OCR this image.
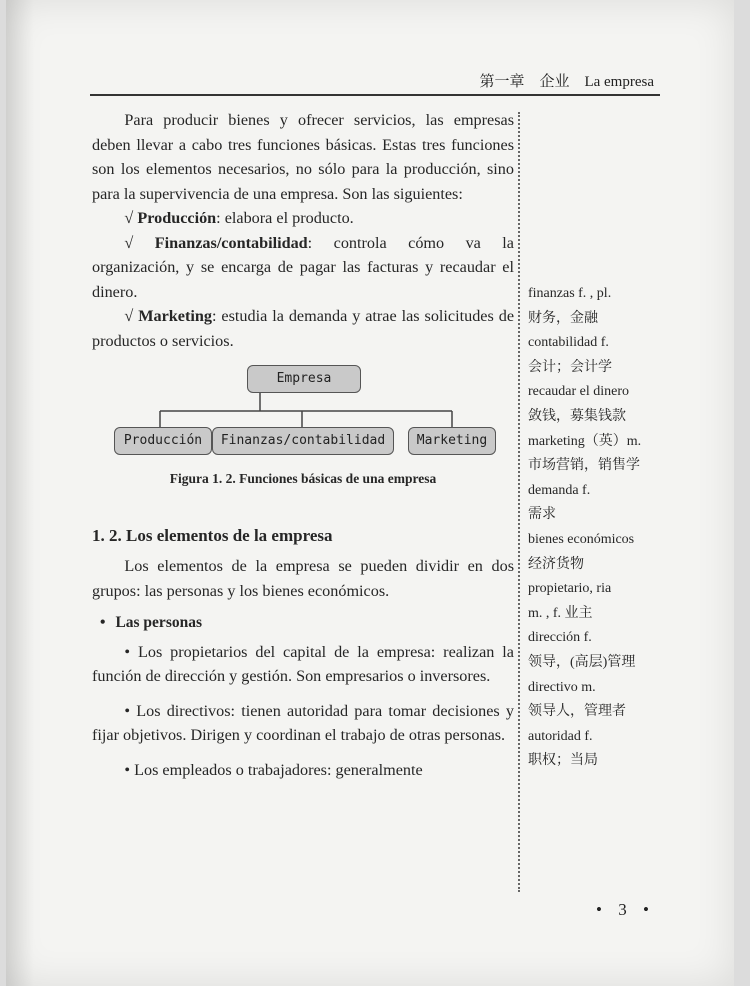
第一章　企业　La empresa

Para producir bienes y ofrecer servicios, las empresas deben llevar a cabo tres funciones básicas. Estas tres funciones son los elementos necesarios, no sólo para la producción, sino para la supervivencia de una empresa. Son las siguientes:

√ Producción: elabora el producto.

√ Finanzas/contabilidad: controla cómo va la organización, y se encarga de pagar las facturas y recaudar el dinero.

√ Marketing: estudia la demanda y atrae las solicitudes de productos o servicios.

Empresa
Producción	Finanzas/contabilidad	Marketing
Figura 1. 2. Funciones básicas de una empresa
1. 2. Los elementos de la empresa

Los elementos de la empresa se pueden dividir en dos grupos: las personas y los bienes económicos.

• Las personas

• Los propietarios del capital de la empresa: realizan la función de dirección y gestión. Son empresarios o inversores.

• Los directivos: tienen autoridad para tomar decisiones y fijar objetivos. Dirigen y coordinan el trabajo de otras personas.

• Los empleados o trabajadores: generalmente

finanzas f. , pl.
财务，金融
contabilidad f.
会计；会计学
recaudar el dinero
敛钱，募集钱款
marketing（英）m.
市场营销，销售学
demanda f.
需求
bienes económicos
经济货物
propietario, ria
m. , f. 业主
dirección f.
领导，(高层)管理
directivo m.
领导人，管理者
autoridad f.
职权；当局
• 3 •
